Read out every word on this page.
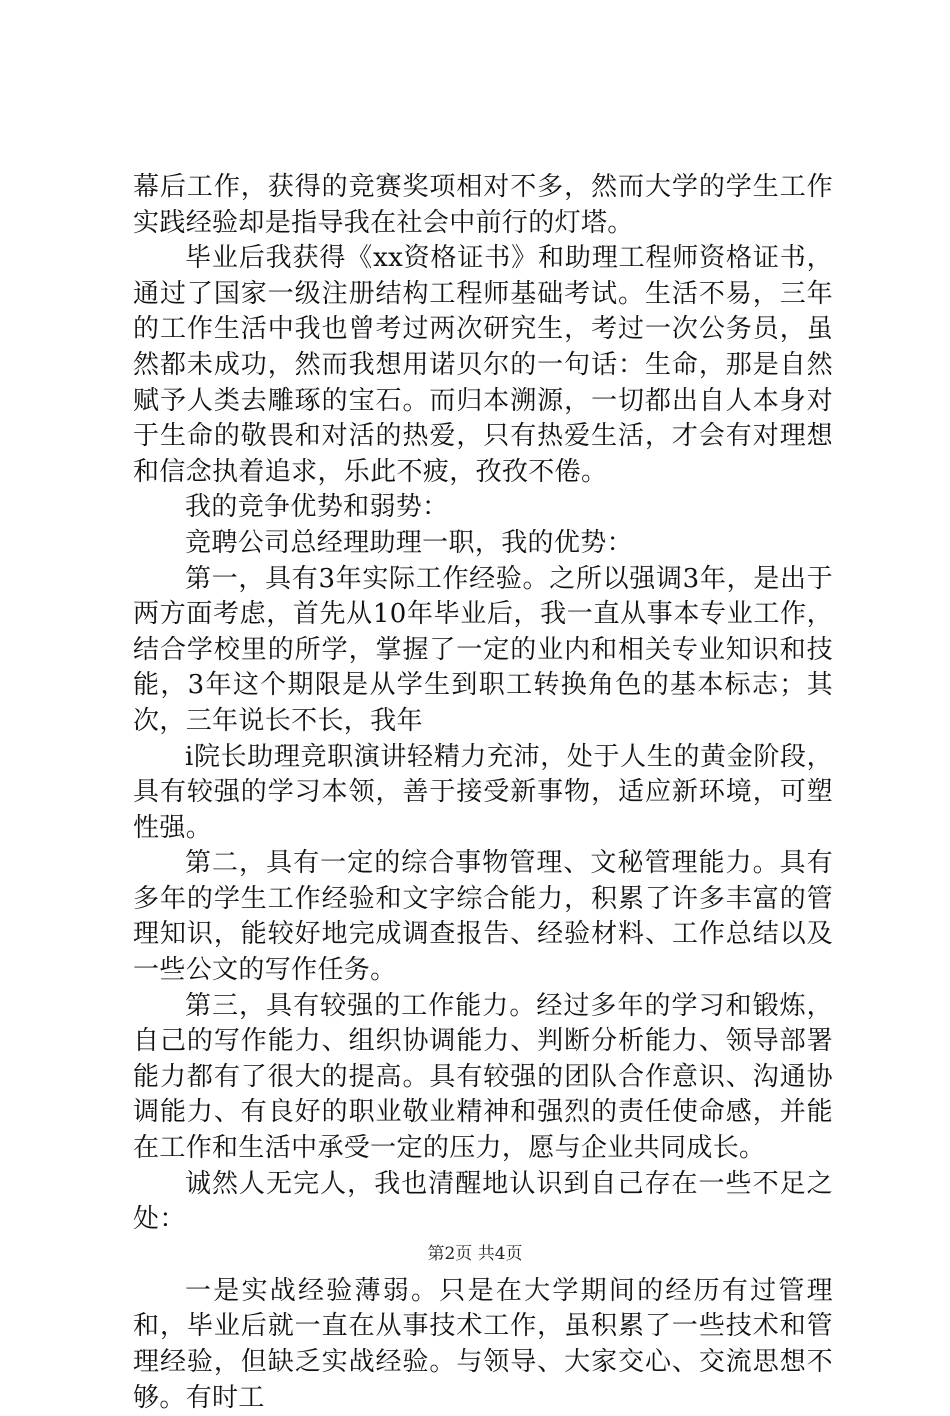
幕后工作，获得的竞赛奖项相对不多，然而大学的学生工作实践经验却是指导我在社会中前行的灯塔。

毕业后我获得《xx资格证书》和助理工程师资格证书，通过了国家一级注册结构工程师基础考试。生活不易，三年的工作生活中我也曾考过两次研究生，考过一次公务员，虽然都未成功，然而我想用诺贝尔的一句话：生命，那是自然赋予人类去雕琢的宝石。而归本溯源，一切都出自人本身对于生命的敬畏和对活的热爱，只有热爱生活，才会有对理想和信念执着追求，乐此不疲，孜孜不倦。

我的竞争优势和弱势：

竞聘公司总经理助理一职，我的优势：

第一，具有3年实际工作经验。之所以强调3年，是出于两方面考虑，首先从10年毕业后，我一直从事本专业工作，结合学校里的所学，掌握了一定的业内和相关专业知识和技能，3年这个期限是从学生到职工转换角色的基本标志；其次，三年说长不长，我年

i院长助理竞职演讲轻精力充沛，处于人生的黄金阶段，具有较强的学习本领，善于接受新事物，适应新环境，可塑性强。

第二，具有一定的综合事物管理、文秘管理能力。具有多年的学生工作经验和文字综合能力，积累了许多丰富的管理知识，能较好地完成调查报告、经验材料、工作总结以及一些公文的写作任务。

第三，具有较强的工作能力。经过多年的学习和锻炼，自己的写作能力、组织协调能力、判断分析能力、领导部署能力都有了很大的提高。具有较强的团队合作意识、沟通协调能力、有良好的职业敬业精神和强烈的责任使命感，并能在工作和生活中承受一定的压力，愿与企业共同成长。

诚然人无完人，我也清醒地认识到自己存在一些不足之处：

一是实战经验薄弱。只是在大学期间的经历有过管理和，毕业后就一直在从事技术工作，虽积累了一些技术和管理经验，但缺乏实战经验。与领导、大家交心、交流思想不够。有时工

第2页 共4页
